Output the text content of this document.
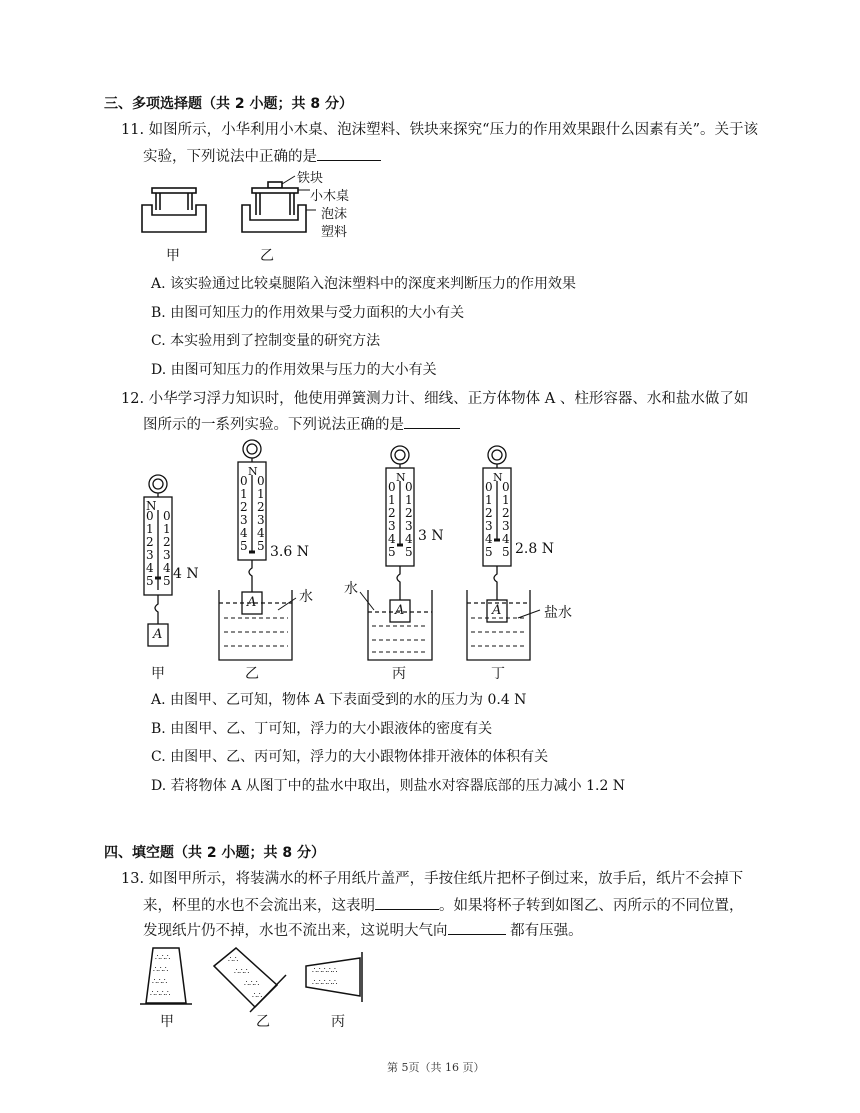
三、多项选择题（共 2 小题；共 8 分）
11. 如图所示，小华利用小木桌、泡沫塑料、铁块来探究“压力的作用效果跟什么因素有关”。关于该
实验，下列说法中正确的是
铁块
小木桌
泡沫
塑料
甲	乙
A. 该实验通过比较桌腿陷入泡沫塑料中的深度来判断压力的作用效果
B. 由图可知压力的作用效果与受力面积的大小有关
C. 本实验用到了控制变量的研究方法
D. 由图可知压力的作用效果与压力的大小有关
12. 小华学习浮力知识时，他使用弹簧测力计、细线、正方体物体 A 、柱形容器、水和盐水做了如
图所示的一系列实验。下列说法正确的是
N
0 0
1 1
2 2
3 3
4 4
5 5
N
0 0
1 1
2 2
3 3
4 4
5 5
N
0 0
1 1
2 2
3 3
4 4
5 5
N
0 0
1 1
2 2
3 3
4 4
5 5
4 N
3.6 N
3 N
2.8 N
A
A
A	A
水 水
盐水
甲	乙	丙	丁
A. 由图甲、乙可知，物体 A 下表面受到的水的压力为 0.4 N
B. 由图甲、乙、丁可知，浮力的大小跟液体的密度有关
C. 由图甲、乙、丙可知，浮力的大小跟物体排开液体的体积有关
D. 若将物体 A 从图丁中的盐水中取出，则盐水对容器底部的压力减小 1.2 N
四、填空题（共 2 小题；共 8 分）
13. 如图甲所示，将装满水的杯子用纸片盖严，手按住纸片把杯子倒过来，放手后，纸片不会掉下
来，杯里的水也不会流出来，这表明	。如果将杯子转到如图乙、丙所示的不同位置，
发现纸片仍不掉，水也不流出来，这说明大气向	都有压强。
∴∴∴
∴∴∴
∴∴∴
∴∴∴∴
∴∴
∴∴∴
∴∴∴
∴∴
∴∴∴∴∴
∴∴∴∴∴
甲	乙	丙
第 5页（共 16 页）
